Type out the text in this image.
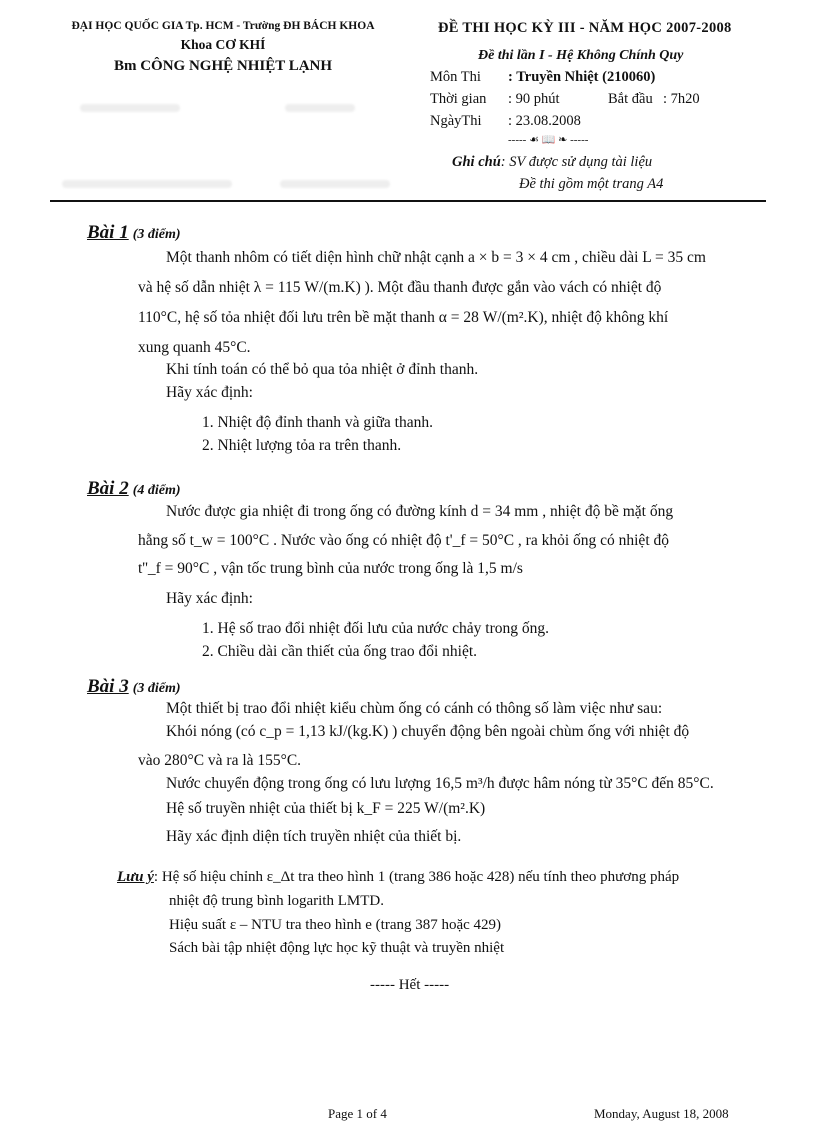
ĐẠI HỌC QUỐC GIA Tp. HCM - Trường ĐH BÁCH KHOA
Khoa CƠ KHÍ
Bm CÔNG NGHỆ NHIỆT LẠNH
ĐỀ THI HỌC KỲ III - NĂM HỌC 2007-2008
Đề thi lần I - Hệ Không Chính Quy
Môn Thi : Truyền Nhiệt (210060)
Thời gian : 90 phút	Bắt đầu : 7h20
NgàyThi : 23.08.2008
----- ☙ 📖 ❧ -----
Ghi chú: SV được sử dụng tài liệu
Đề thi gồm một trang A4
Bài 1 (3 điểm)
Một thanh nhôm có tiết diện hình chữ nhật cạnh a × b = 3 × 4 cm , chiều dài L = 35 cm
và hệ số dẫn nhiệt λ = 115 W/(m.K) ). Một đầu thanh được gắn vào vách có nhiệt độ
110°C, hệ số tỏa nhiệt đối lưu trên bề mặt thanh α = 28 W/(m².K), nhiệt độ không khí
xung quanh 45°C.
Khi tính toán có thể bỏ qua tỏa nhiệt ở đỉnh thanh.
Hãy xác định:
1. Nhiệt độ đỉnh thanh và giữa thanh.
2. Nhiệt lượng tỏa ra trên thanh.
Bài 2 (4 điểm)
Nước được gia nhiệt đi trong ống có đường kính d = 34 mm , nhiệt độ bề mặt ống
hằng số t_w = 100°C . Nước vào ống có nhiệt độ t'_f = 50°C , ra khỏi ống có nhiệt độ
t''_f = 90°C , vận tốc trung bình của nước trong ống là 1,5 m/s
Hãy xác định:
1. Hệ số trao đổi nhiệt đối lưu của nước chảy trong ống.
2. Chiều dài cần thiết của ống trao đổi nhiệt.
Bài 3 (3 điểm)
Một thiết bị trao đổi nhiệt kiểu chùm ống có cánh có thông số làm việc như sau:
Khói nóng (có c_p = 1,13 kJ/(kg.K) ) chuyển động bên ngoài chùm ống với nhiệt độ
vào 280°C và ra là 155°C.
Nước chuyển động trong ống có lưu lượng 16,5 m³/h được hâm nóng từ 35°C đến 85°C.
Hệ số truyền nhiệt của thiết bị k_F = 225 W/(m².K)
Hãy xác định diện tích truyền nhiệt của thiết bị.
Lưu ý: Hệ số hiệu chỉnh ε_Δt tra theo hình 1 (trang 386 hoặc 428) nếu tính theo phương pháp
nhiệt độ trung bình logarith LMTD.
Hiệu suất ε – NTU tra theo hình e (trang 387 hoặc 429)
Sách bài tập nhiệt động lực học kỹ thuật và truyền nhiệt
----- Hết -----
Page 1 of 4	Monday, August 18, 2008
